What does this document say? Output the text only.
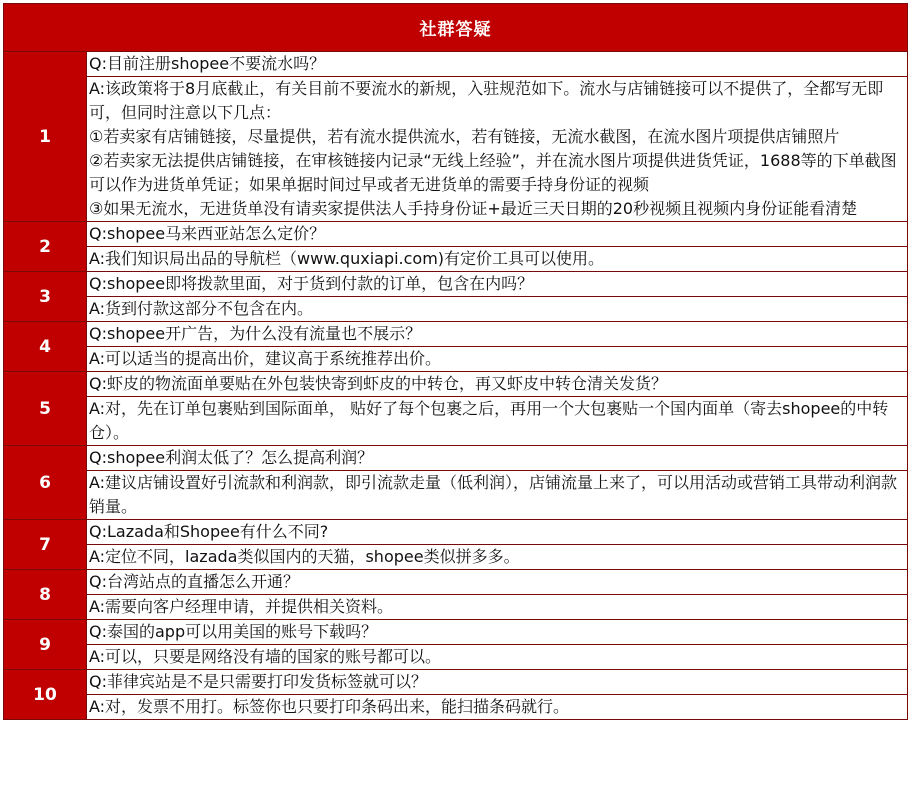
社群答疑	
1	Q:目前注册shopee不要流水吗？

	A:该政策将于8月底截止，有关目前不要流水的新规，入驻规范如下。流水与店铺链接可以不提供了，全都写无即可，但同时注意以下几点：
①若卖家有店铺链接，尽量提供，若有流水提供流水，若有链接，无流水截图，在流水图片项提供店铺照片
②若卖家无法提供店铺链接，在审核链接内记录“无线上经验”，并在流水图片项提供进货凭证，1688等的下单截图可以作为进货单凭证；如果单据时间过早或者无进货单的需要手持身份证的视频
③如果无流水，无进货单没有请卖家提供法人手持身份证+最近三天日期的20秒视频且视频内身份证能看清楚

2	Q:shopee马来西亚站怎么定价？

	A:我们知识局出品的导航栏（www.quxiapi.com)有定价工具可以使用。

3	Q:shopee即将拨款里面，对于货到付款的订单，包含在内吗？

	A:货到付款这部分不包含在内。

4	Q:shopee开广告，为什么没有流量也不展示？

	A:可以适当的提高出价，建议高于系统推荐出价。

5	Q:虾皮的物流面单要贴在外包装快寄到虾皮的中转仓，再又虾皮中转仓清关发货？

	A:对，先在订单包裹贴到国际面单， 贴好了每个包裹之后，再用一个大包裹贴一个国内面单（寄去shopee的中转仓）。

6	Q:shopee利润太低了？怎么提高利润？

	A:建议店铺设置好引流款和利润款，即引流款走量（低利润），店铺流量上来了，可以用活动或营销工具带动利润款销量。

7	Q:Lazada和Shopee有什么不同?

	A:定位不同，lazada类似国内的天猫，shopee类似拼多多。

8	Q:台湾站点的直播怎么开通？

	A:需要向客户经理申请，并提供相关资料。

9	Q:泰国的app可以用美国的账号下载吗？

	A:可以，只要是网络没有墙的国家的账号都可以。

10	Q:菲律宾站是不是只需要打印发货标签就可以？

	A:对，发票不用打。标签你也只要打印条码出来，能扫描条码就行。
